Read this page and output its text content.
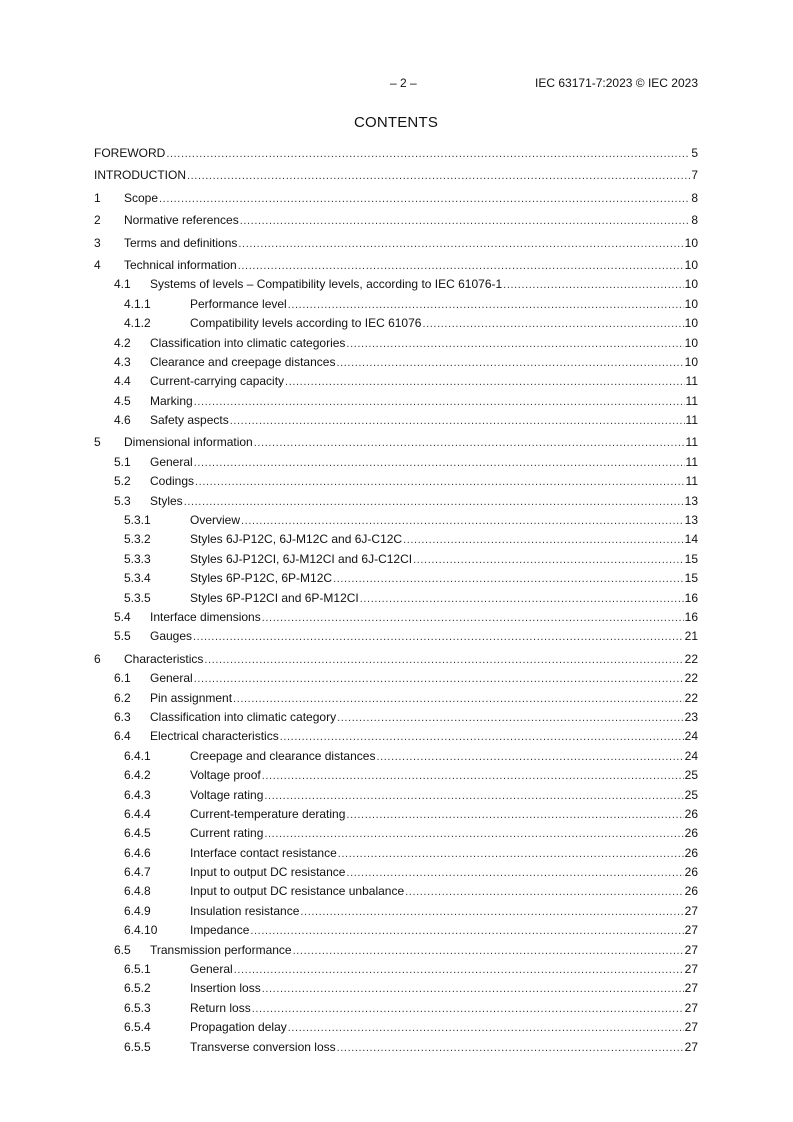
– 2 –	IEC 63171-7:2023 © IEC 2023
CONTENTS
FOREWORD .....	5
INTRODUCTION .....	7
1	Scope .....	8
2	Normative references .....	8
3	Terms and definitions .....	10
4	Technical information .....	10
4.1	Systems of levels – Compatibility levels, according to IEC 61076-1 .....	10
4.1.1	Performance level .....	10
4.1.2	Compatibility levels according to IEC 61076 .....	10
4.2	Classification into climatic categories .....	10
4.3	Clearance and creepage distances .....	10
4.4	Current-carrying capacity .....	11
4.5	Marking .....	11
4.6	Safety aspects .....	11
5	Dimensional information .....	11
5.1	General .....	11
5.2	Codings .....	11
5.3	Styles .....	13
5.3.1	Overview .....	13
5.3.2	Styles 6J-P12C, 6J-M12C and 6J-C12C .....	14
5.3.3	Styles 6J-P12CI, 6J-M12CI and 6J-C12CI .....	15
5.3.4	Styles 6P-P12C, 6P-M12C .....	15
5.3.5	Styles 6P-P12CI and 6P-M12CI .....	16
5.4	Interface dimensions .....	16
5.5	Gauges .....	21
6	Characteristics .....	22
6.1	General .....	22
6.2	Pin assignment .....	22
6.3	Classification into climatic category .....	23
6.4	Electrical characteristics .....	24
6.4.1	Creepage and clearance distances .....	24
6.4.2	Voltage proof .....	25
6.4.3	Voltage rating .....	25
6.4.4	Current-temperature derating .....	26
6.4.5	Current rating .....	26
6.4.6	Interface contact resistance .....	26
6.4.7	Input to output DC resistance .....	26
6.4.8	Input to output DC resistance unbalance .....	26
6.4.9	Insulation resistance .....	27
6.4.10	Impedance .....	27
6.5	Transmission performance .....	27
6.5.1	General .....	27
6.5.2	Insertion loss .....	27
6.5.3	Return loss .....	27
6.5.4	Propagation delay .....	27
6.5.5	Transverse conversion loss .....	27
